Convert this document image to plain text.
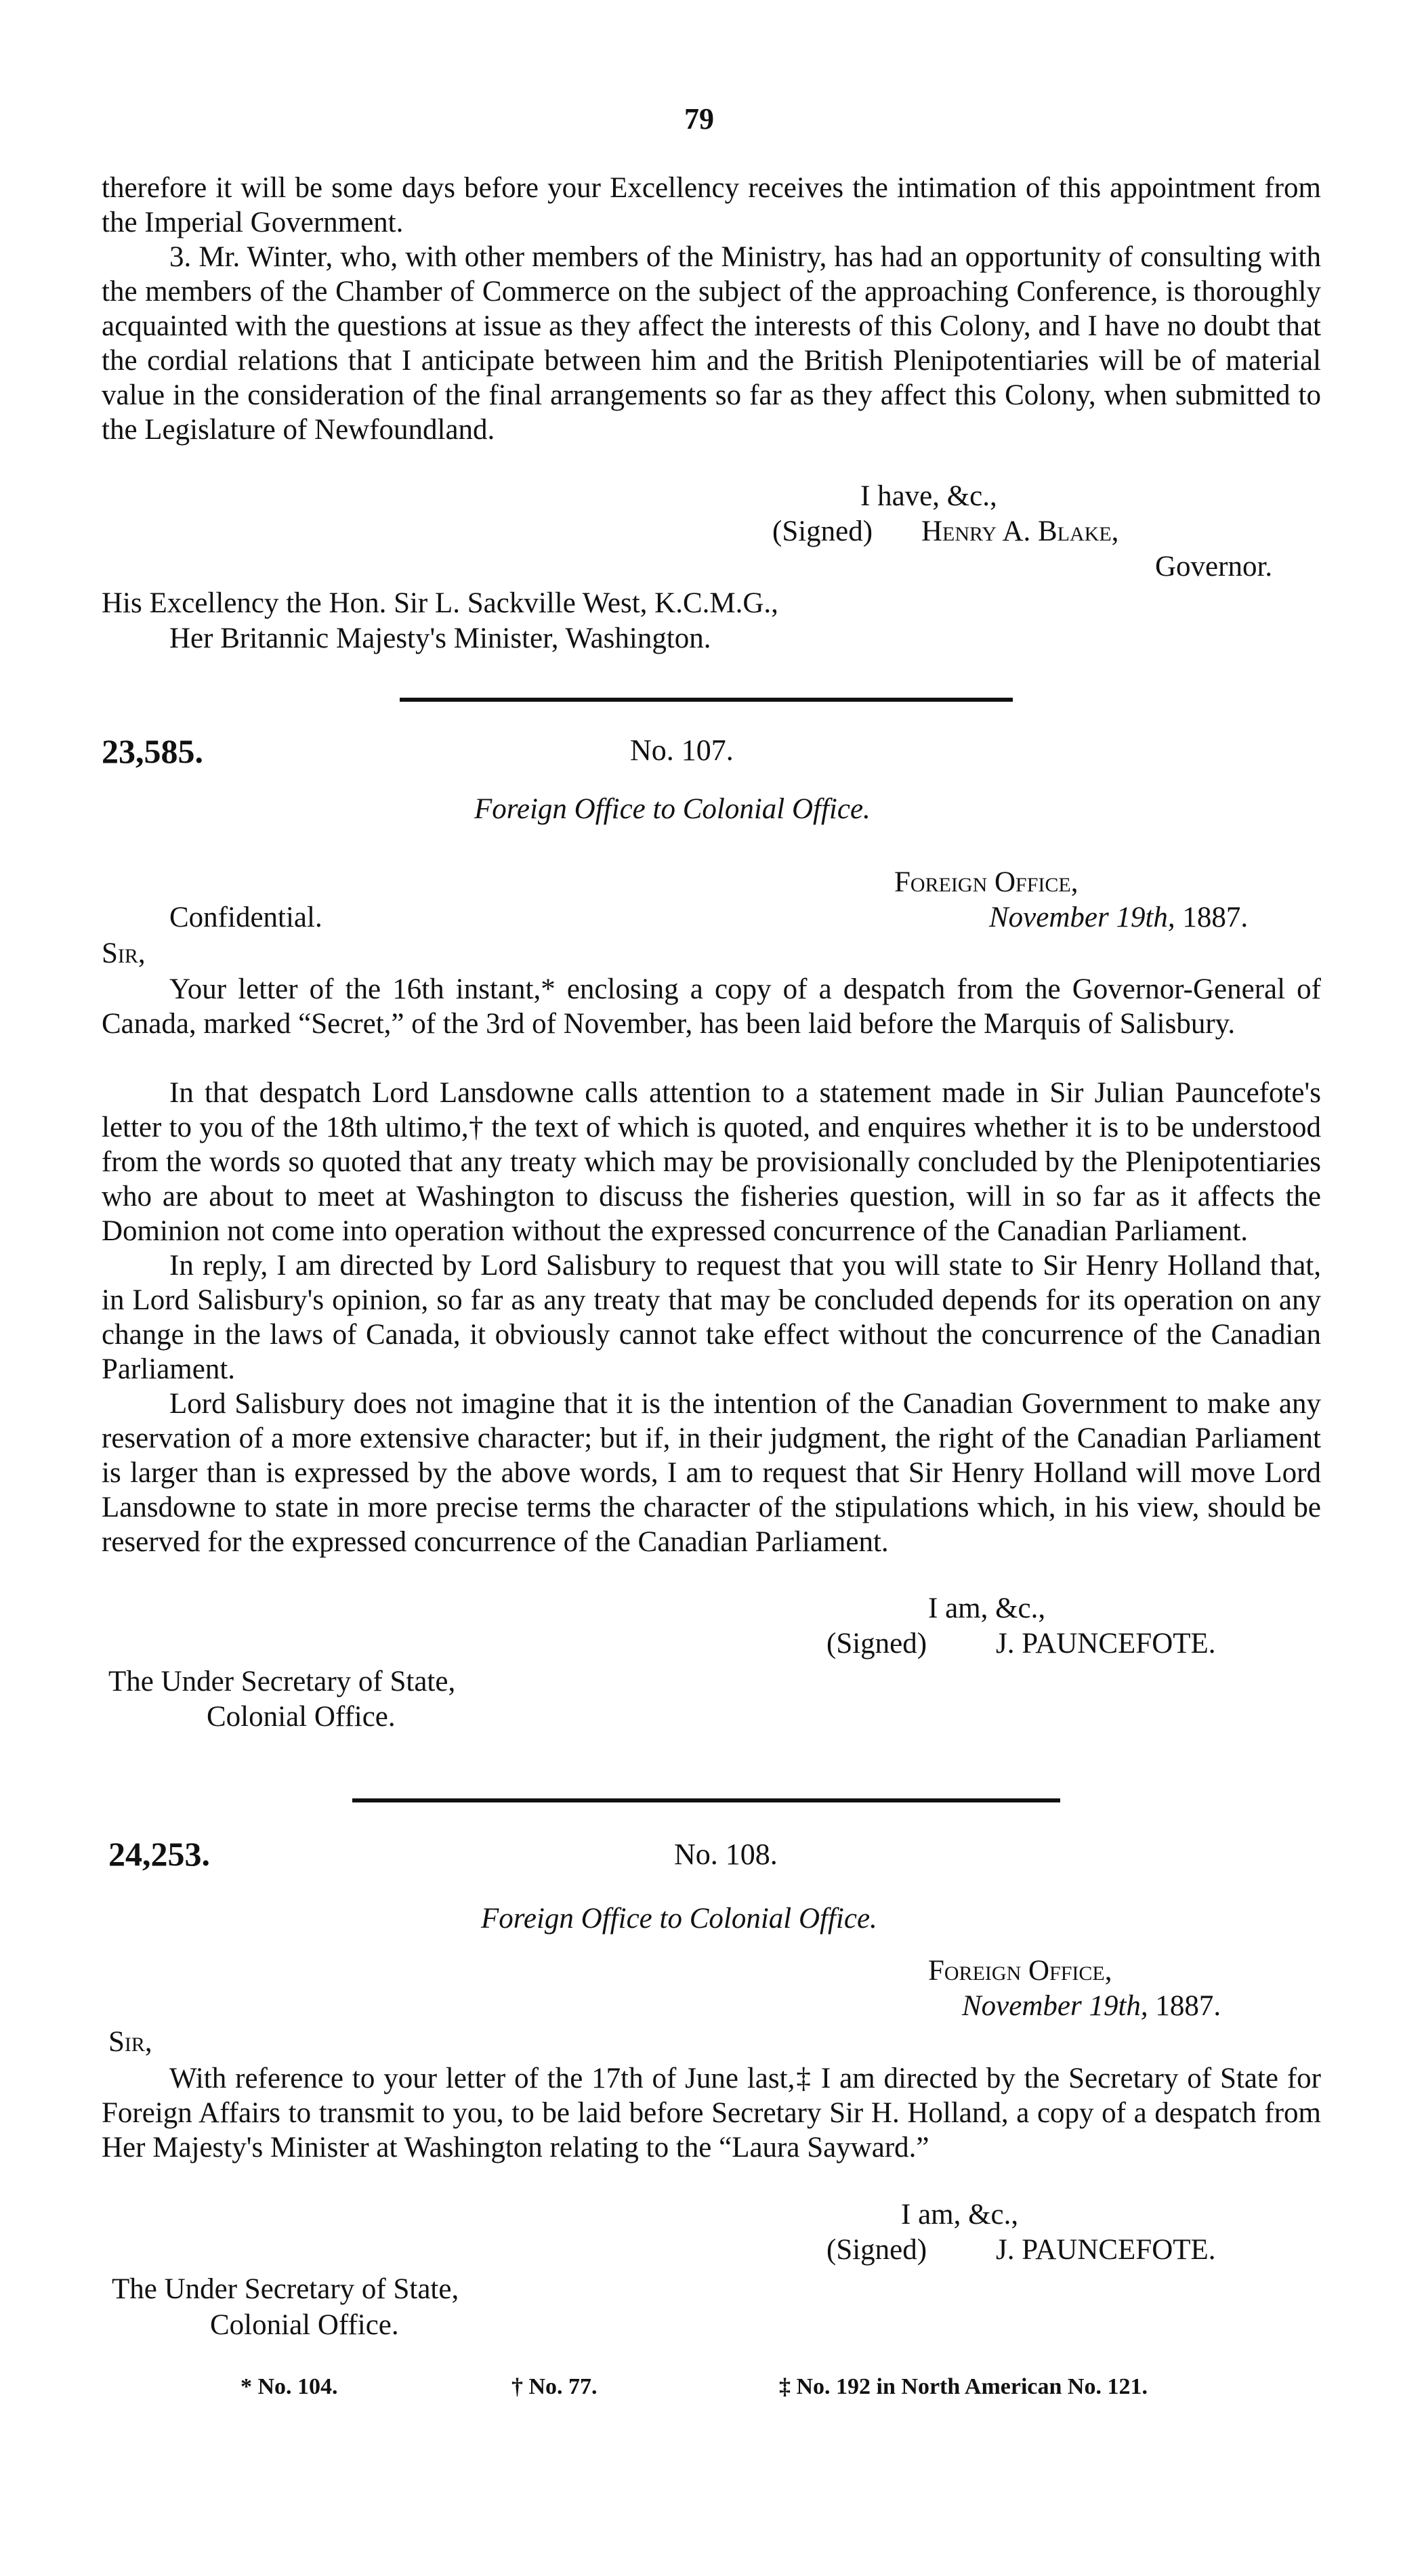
79
therefore it will be some days before your Excellency receives the intimation of this appointment from the Imperial Government.
3. Mr. Winter, who, with other members of the Ministry, has had an opportunity of consulting with the members of the Chamber of Commerce on the subject of the approaching Conference, is thoroughly acquainted with the questions at issue as they affect the interests of this Colony, and I have no doubt that the cordial relations that I anticipate between him and the British Plenipotentiaries will be of material value in the consideration of the final arrangements so far as they affect this Colony, when submitted to the Legislature of Newfoundland.
I have, &c.,
(Signed) Henry A. Blake,
Governor.
His Excellency the Hon. Sir L. Sackville West, K.C.M.G.,
Her Britannic Majesty's Minister, Washington.
23,585.	No. 107.
Foreign Office to Colonial Office.
Foreign Office,
Confidential.	November 19th, 1887.
Sir,
Your letter of the 16th instant,* enclosing a copy of a despatch from the Governor-General of Canada, marked “Secret,” of the 3rd of November, has been laid before the Marquis of Salisbury.
In that despatch Lord Lansdowne calls attention to a statement made in Sir Julian Pauncefote's letter to you of the 18th ultimo,† the text of which is quoted, and enquires whether it is to be understood from the words so quoted that any treaty which may be provisionally concluded by the Plenipotentiaries who are about to meet at Washington to discuss the fisheries question, will in so far as it affects the Dominion not come into operation without the expressed concurrence of the Canadian Parliament.
In reply, I am directed by Lord Salisbury to request that you will state to Sir Henry Holland that, in Lord Salisbury's opinion, so far as any treaty that may be concluded depends for its operation on any change in the laws of Canada, it obviously cannot take effect without the concurrence of the Canadian Parliament.
Lord Salisbury does not imagine that it is the intention of the Canadian Government to make any reservation of a more extensive character; but if, in their judgment, the right of the Canadian Parliament is larger than is expressed by the above words, I am to request that Sir Henry Holland will move Lord Lansdowne to state in more precise terms the character of the stipulations which, in his view, should be reserved for the expressed concurrence of the Canadian Parliament.
I am, &c.,
(Signed) J. PAUNCEFOTE.
The Under Secretary of State,
Colonial Office.
24,253.	No. 108.
Foreign Office to Colonial Office.
Foreign Office,
November 19th, 1887.
Sir,
With reference to your letter of the 17th of June last,‡ I am directed by the Secretary of State for Foreign Affairs to transmit to you, to be laid before Secretary Sir H. Holland, a copy of a despatch from Her Majesty's Minister at Washington relating to the “Laura Sayward.”
I am, &c.,
(Signed) J. PAUNCEFOTE.
The Under Secretary of State,
Colonial Office.
* No. 104.	† No. 77.	‡ No. 192 in North American No. 121.
